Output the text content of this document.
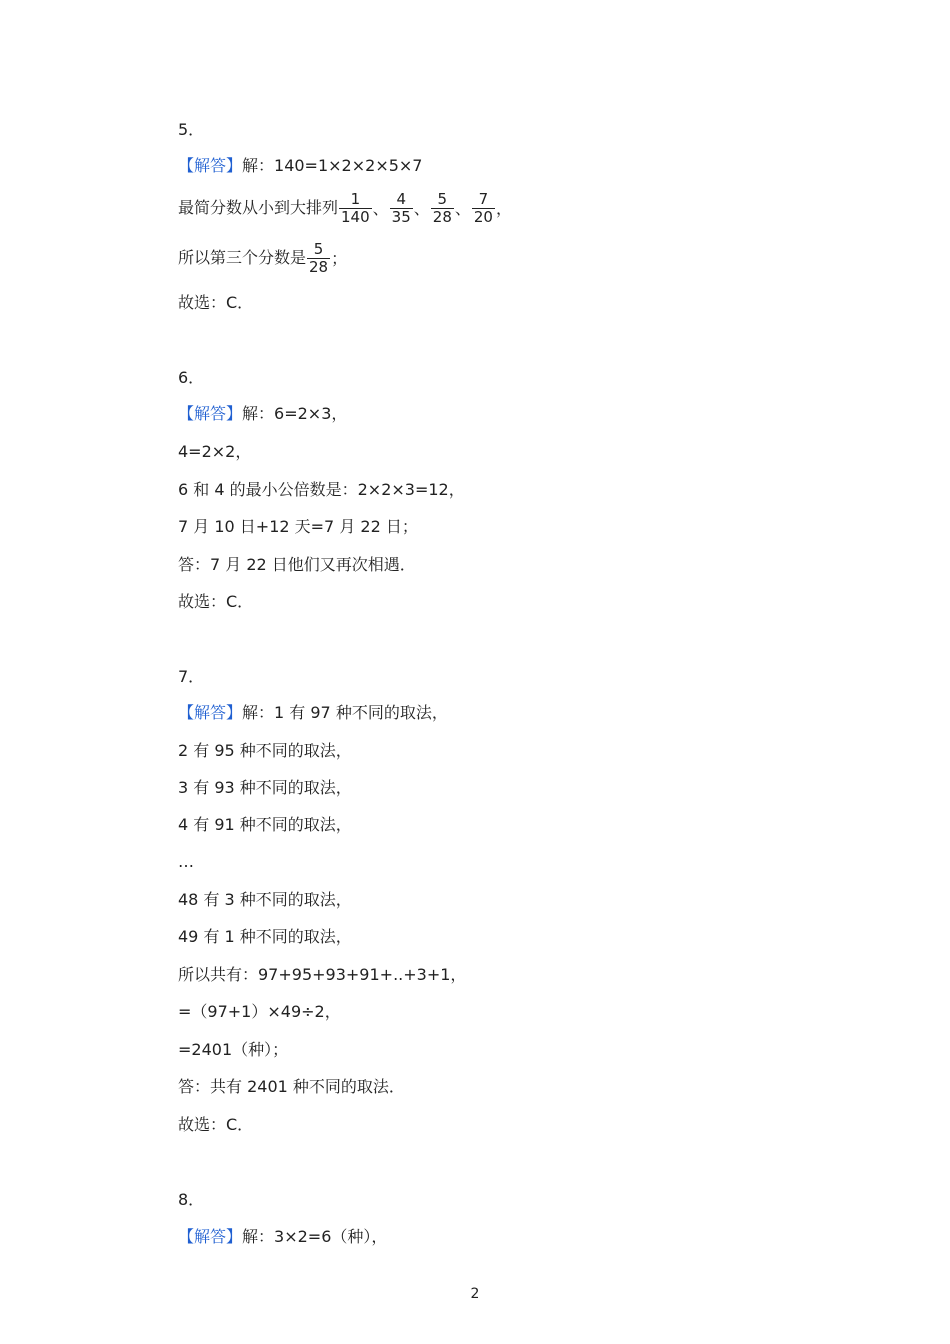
5．
【解答】解：140=1×2×2×5×7
最简分数从小到大排列 $\frac{1}{140}$ 、 $\frac{4}{35}$ 、 $\frac{5}{28}$ 、 $\frac{7}{20}$ ，
所以第三个分数是 $\frac{5}{28}$ ；
故选：C．
6．
【解答】解：6=2×3，
4=2×2，
6 和 4 的最小公倍数是：2×2×3=12，
7 月 10 日+12 天=7 月 22 日；
答：7 月 22 日他们又再次相遇．
故选：C．
7．
【解答】解：1 有 97 种不同的取法，
2 有 95 种不同的取法，
3 有 93 种不同的取法，
4 有 91 种不同的取法，
…
48 有 3 种不同的取法，
49 有 1 种不同的取法，
所以共有：97+95+93+91+..+3+1，
=（97+1）×49÷2，
=2401（种）；
答：共有 2401 种不同的取法．
故选：C．
8．
【解答】解：3×2=6（种），
2
